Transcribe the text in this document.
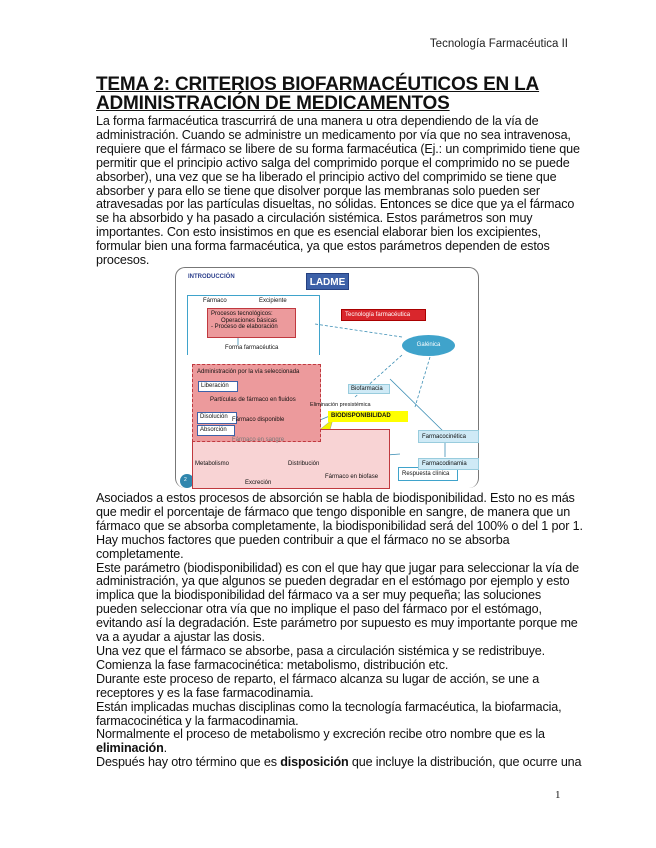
Tecnología Farmacéutica II
TEMA 2: CRITERIOS BIOFARMACÉUTICOS EN LA
ADMINISTRACIÓN DE MEDICAMENTOS
La forma farmacéutica trascurrirá de una manera u otra dependiendo de la vía de
administración. Cuando se administre un medicamento por vía que no sea intravenosa,
requiere que el fármaco se libere de su forma farmacéutica (Ej.: un comprimido tiene que
permitir que el principio activo salga del comprimido porque el comprimido no se puede
absorber), una vez que se ha liberado el principio activo del comprimido se tiene que
absorber y para ello se tiene que disolver porque las membranas solo pueden ser
atravesadas por las partículas disueltas, no sólidas. Entonces se dice que ya el fármaco
se ha absorbido y ha pasado a circulación sistémica. Estos parámetros son muy
importantes. Con esto insistimos en que es esencial elaborar bien los excipientes,
formular bien una forma farmacéutica, ya que estos parámetros dependen de estos
procesos.
INTRODUCCIÓN	LADME
Fármaco	Excipiente
Procesos tecnológicos:
Operaciones básicas
- Proceso de elaboración
Forma farmacéutica
Tecnología farmacéutica
Galénica
Biofarmacia
Administración por la vía seleccionada
Liberación
Partículas de fármaco en fluidos
Disolución Fármaco disponible
Absorción
Fármaco en sangre
Eliminación presistémica
BIODISPONIBILIDAD
Metabolismo	Distribución
Excreción
Fármaco en biofase	Respuesta clínica
Farmacocinética
Farmacodinamia
2
Asociados a estos procesos de absorción se habla de biodisponibilidad. Esto no es más
que medir el porcentaje de fármaco que tengo disponible en sangre, de manera que un
fármaco que se absorba completamente, la biodisponibilidad será del 100% o del 1 por 1.
Hay muchos factores que pueden contribuir a que el fármaco no se absorba
completamente.
Este parámetro (biodisponibilidad) es con el que hay que jugar para seleccionar la vía de
administración, ya que algunos se pueden degradar en el estómago por ejemplo y esto
implica que la biodisponibilidad del fármaco va a ser muy pequeña; las soluciones
pueden seleccionar otra vía que no implique el paso del fármaco por el estómago,
evitando así la degradación. Este parámetro por supuesto es muy importante porque me
va a ayudar a ajustar las dosis.
Una vez que el fármaco se absorbe, pasa a circulación sistémica y se redistribuye.
Comienza la fase farmacocinética: metabolismo, distribución etc.
Durante este proceso de reparto, el fármaco alcanza su lugar de acción, se une a
receptores y es la fase farmacodinamia.
Están implicadas muchas disciplinas como la tecnología farmacéutica, la biofarmacia,
farmacocinética y la farmacodinamia.
Normalmente el proceso de metabolismo y excreción recibe otro nombre que es la
eliminación.
Después hay otro término que es disposición que incluye la distribución, que ocurre una
1
